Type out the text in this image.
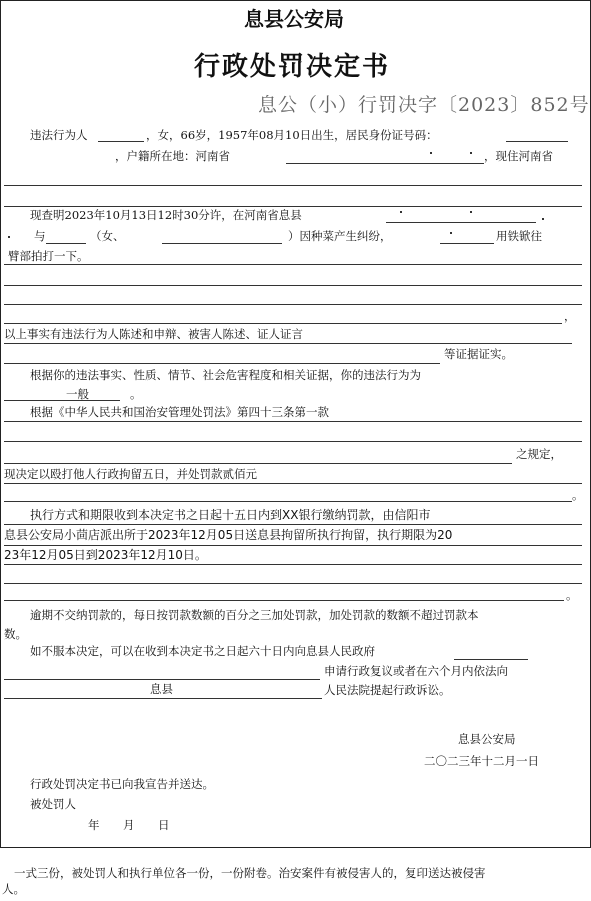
息县公安局
行政处罚决定书
息公（小）行罚决字〔2023〕852号
违法行为人	，女，66岁，1957年08月10日出生，居民身份证号码：
，户籍所在地：河南省	，现住河南省
现查明2023年10月13日12时30分许，在河南省息县
与	（女、	）因种菜产生纠纷，	用铁锨往
臂部拍打一下。
，
以上事实有违法行为人陈述和申辩、被害人陈述、证人证言
等证据证实。
根据你的违法事实、性质、情节、社会危害程度和相关证据，你的违法行为为
一般	。
根据《中华人民共和国治安管理处罚法》第四十三条第一款
之规定，
现决定以殴打他人行政拘留五日，并处罚款贰佰元
。
执行方式和期限收到本决定书之日起十五日内到XX银行缴纳罚款，由信阳市
息县公安局小茴店派出所于2023年12月05日送息县拘留所执行拘留，执行期限为20
23年12月05日到2023年12月10日。
。
逾期不交纳罚款的，每日按罚款数额的百分之三加处罚款，加处罚款的数额不超过罚款本
数。
如不服本决定，可以在收到本决定书之日起六十日内向息县人民政府
申请行政复议或者在六个月内依法向
息县	人民法院提起行政诉讼。
息县公安局
二〇二三年十二月一日
行政处罚决定书已向我宣告并送达。
被处罚人
年　月　日
一式三份，被处罚人和执行单位各一份，一份附卷。治安案件有被侵害人的，复印送达被侵害
人。
